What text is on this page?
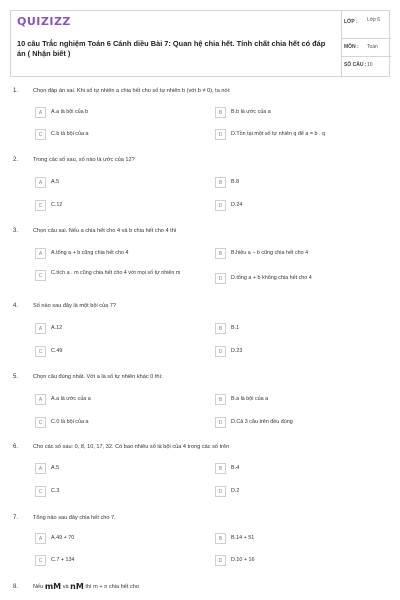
QUIZIZZ
10 câu Trắc nghiệm Toán 6 Cánh diều Bài 7: Quan hệ chia hết. Tính chất chia hết có đáp án ( Nhận biết )
LỚP : Lớp 6
MÔN : Toán
SỐ CÂU : 10
1.	Chọn đáp án sai. Khi số tự nhiên a chia hết cho số tự nhiên b (với b ≠ 0), ta nói:
A	A.a là bội của b	B	B.b là ước của a
C	C.b là bội của a	D	D.Tồn tại một số tự nhiên q để a = b . q
2.	Trong các số sau, số nào là ước của 12?
A	A.5	B	B.8
C	C.12	D	D.24
3.	Chọn câu sai. Nếu a chia hết cho 4 và b chia hết cho 4 thì
A	A.tổng a + b cũng chia hết cho 4	B	B.hiệu a − b cũng chia hết cho 4
C	C.tích a . m cũng chia hết cho 4 với mọi số tự nhiên m
D	D.tổng a + b không chia hết cho 4
4.	Số nào sau đây là một bội của 7?
A	A.12	B	B.1
C	C.49	D	D.23
5.	Chọn câu đúng nhất. Với a là số tự nhiên khác 0 thì:
A	A.a là ước của a	B	B.a là bội của a
C	C.0 là bội của a	D	D.Cả 3 câu trên đều đúng
6.	Cho các số sau: 0, 8, 10, 17, 32. Có bao nhiêu số là bội của 4 trong các số trên
A	A.5	B	B.4
C	C.3	D	D.2
7.	Tổng nào sau đây chia hết cho 7.
A	A.49 + 70	B	B.14 + 51
C	C.7 + 134	D	D.10 + 16
8.	Nếu mM và nM thì m + n chia hết cho
